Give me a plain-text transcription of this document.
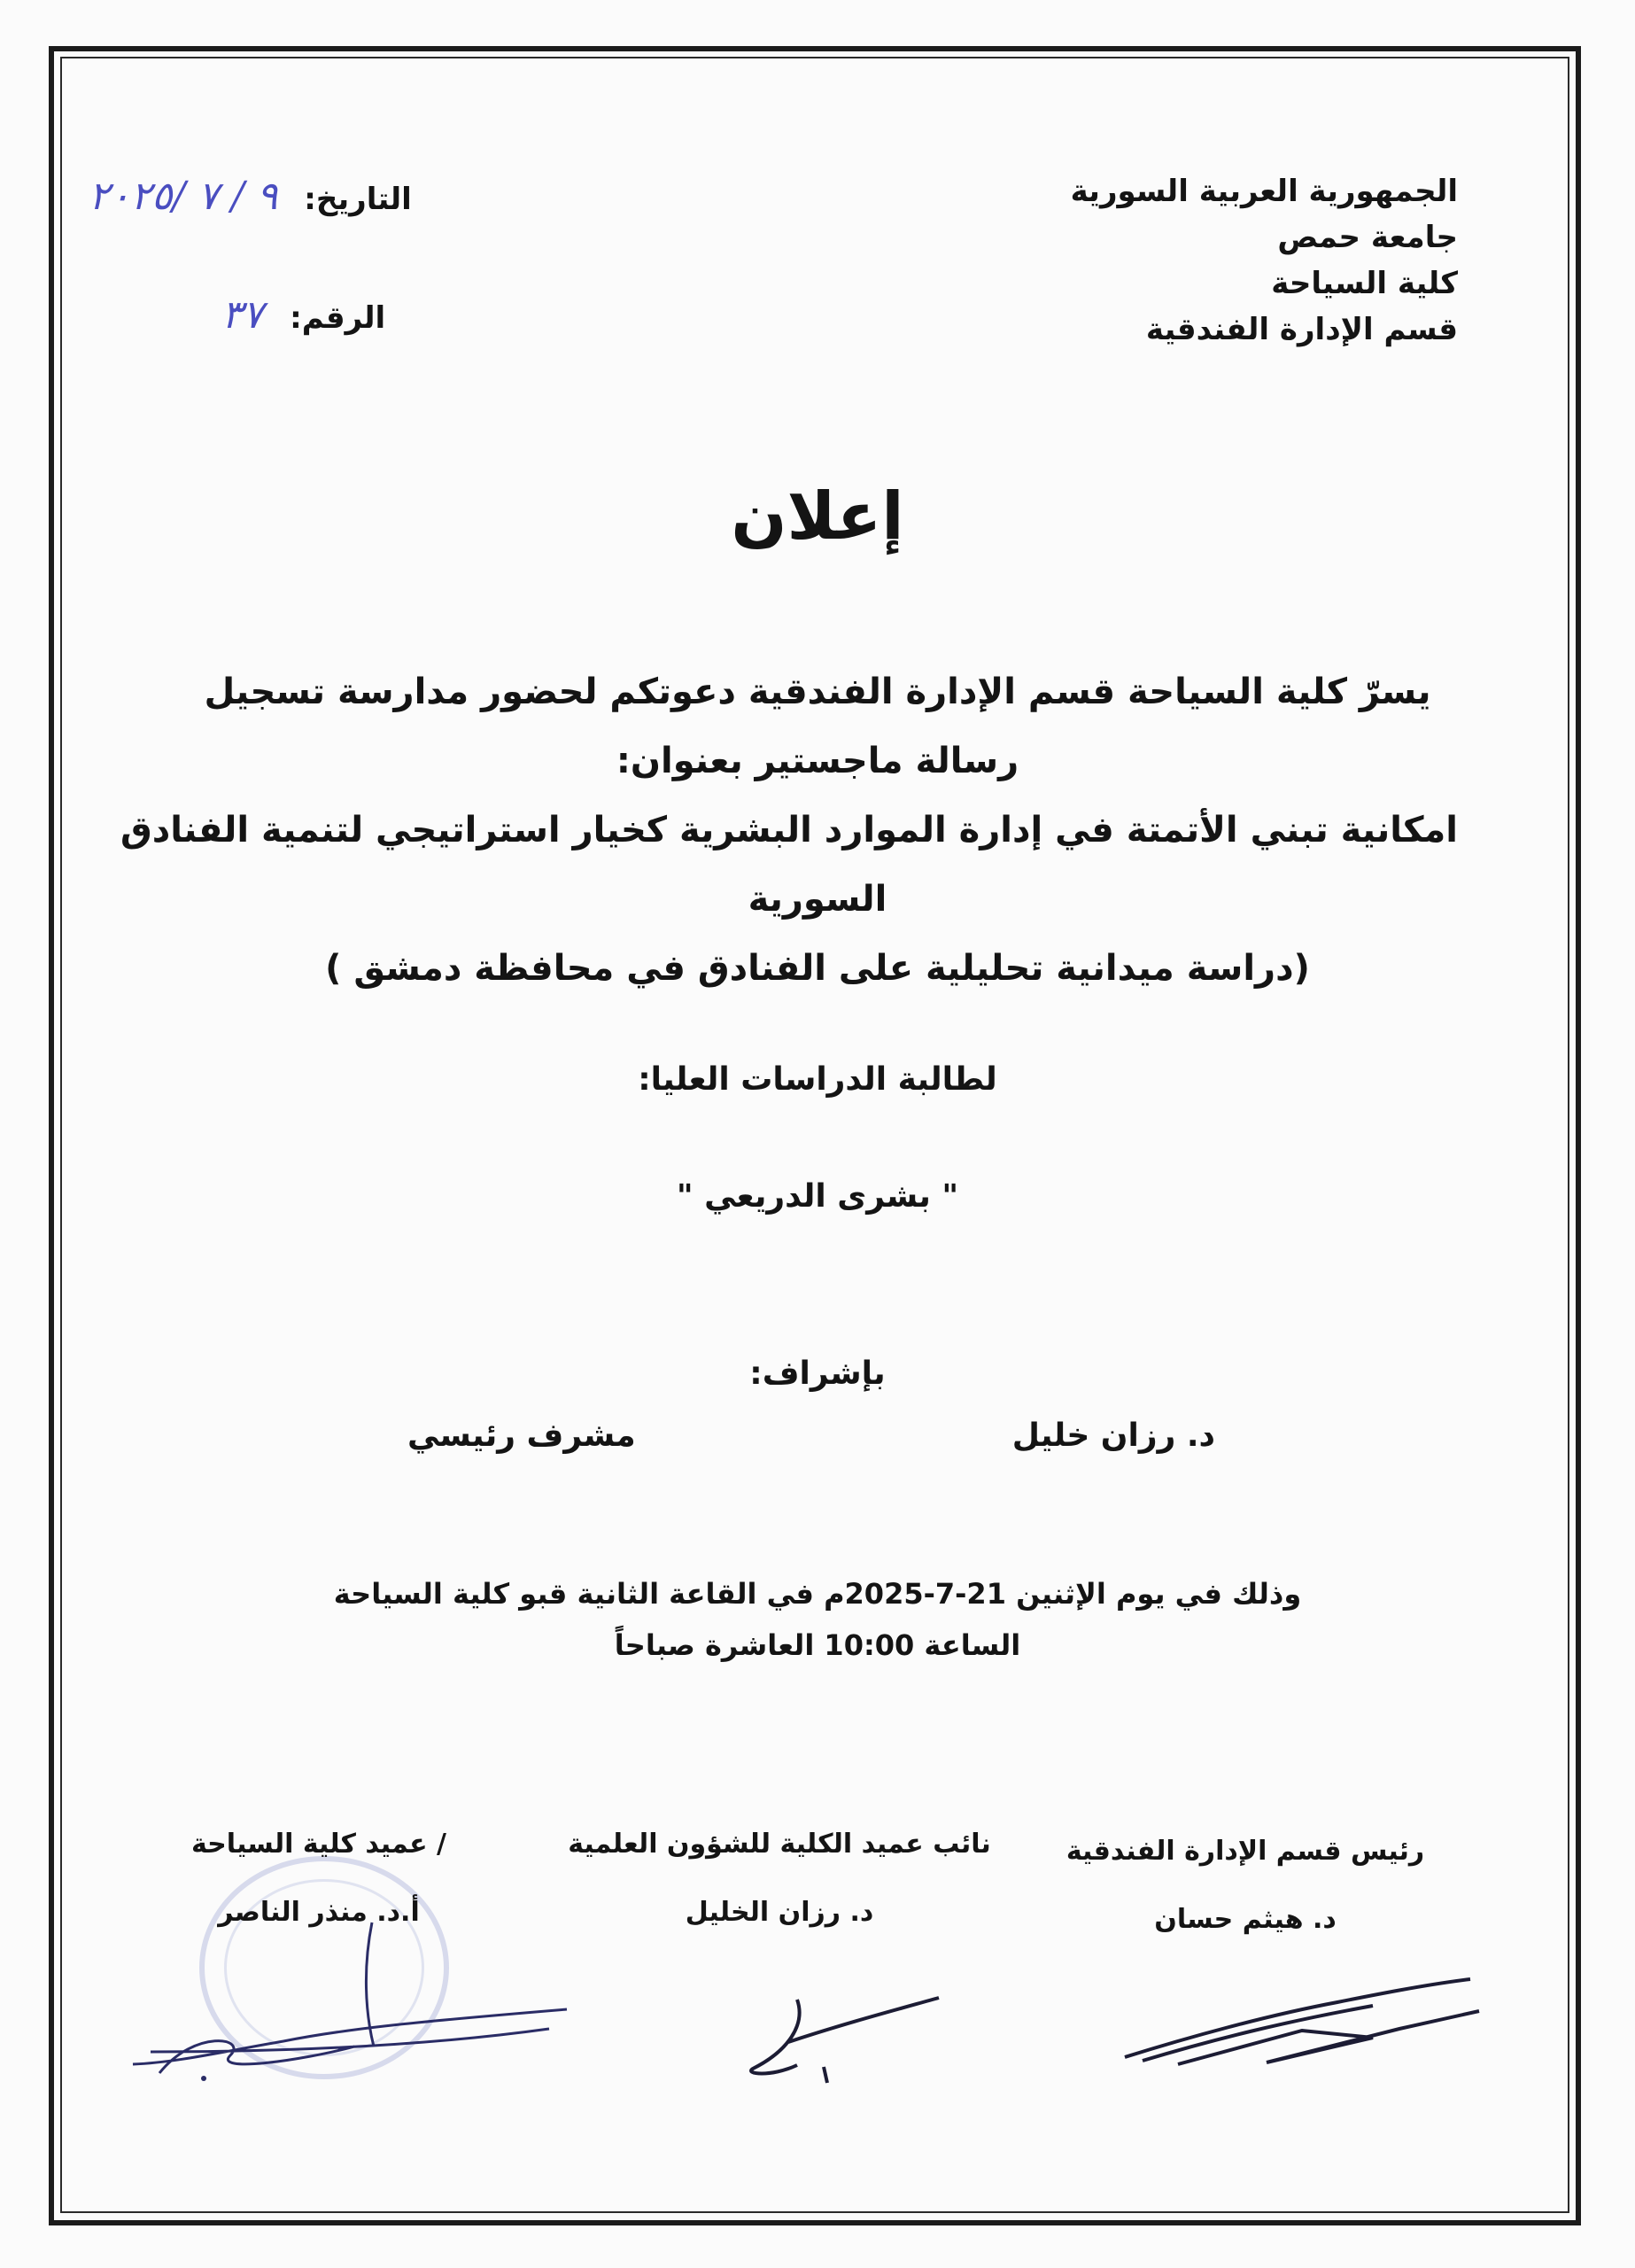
الجمهورية العربية السورية
جامعة حمص
كلية السياحة
قسم الإدارة الفندقية
التاريخ: ٩ / ٧ /٢٠٢٥
الرقم: ٣٧
إعلان
يسرّ كلية السياحة قسم الإدارة الفندقية دعوتكم لحضور مدارسة تسجيل
رسالة ماجستير بعنوان:
امكانية تبني الأتمتة في إدارة الموارد البشرية كخيار استراتيجي لتنمية الفنادق
السورية
(دراسة ميدانية تحليلية على الفنادق في محافظة دمشق )
لطالبة الدراسات العليا:
" بشرى الدريعي "
بإشراف:
د. رزان خليل
مشرف رئيسي
وذلك في يوم الإثنين 21-7-2025م في القاعة الثانية قبو كلية السياحة
الساعة 10:00 العاشرة صباحاً
رئيس قسم الإدارة الفندقية
د. هيثم حسان
نائب عميد الكلية للشؤون العلمية
د. رزان الخليل
/ عميد كلية السياحة
أ.د. منذر الناصر
